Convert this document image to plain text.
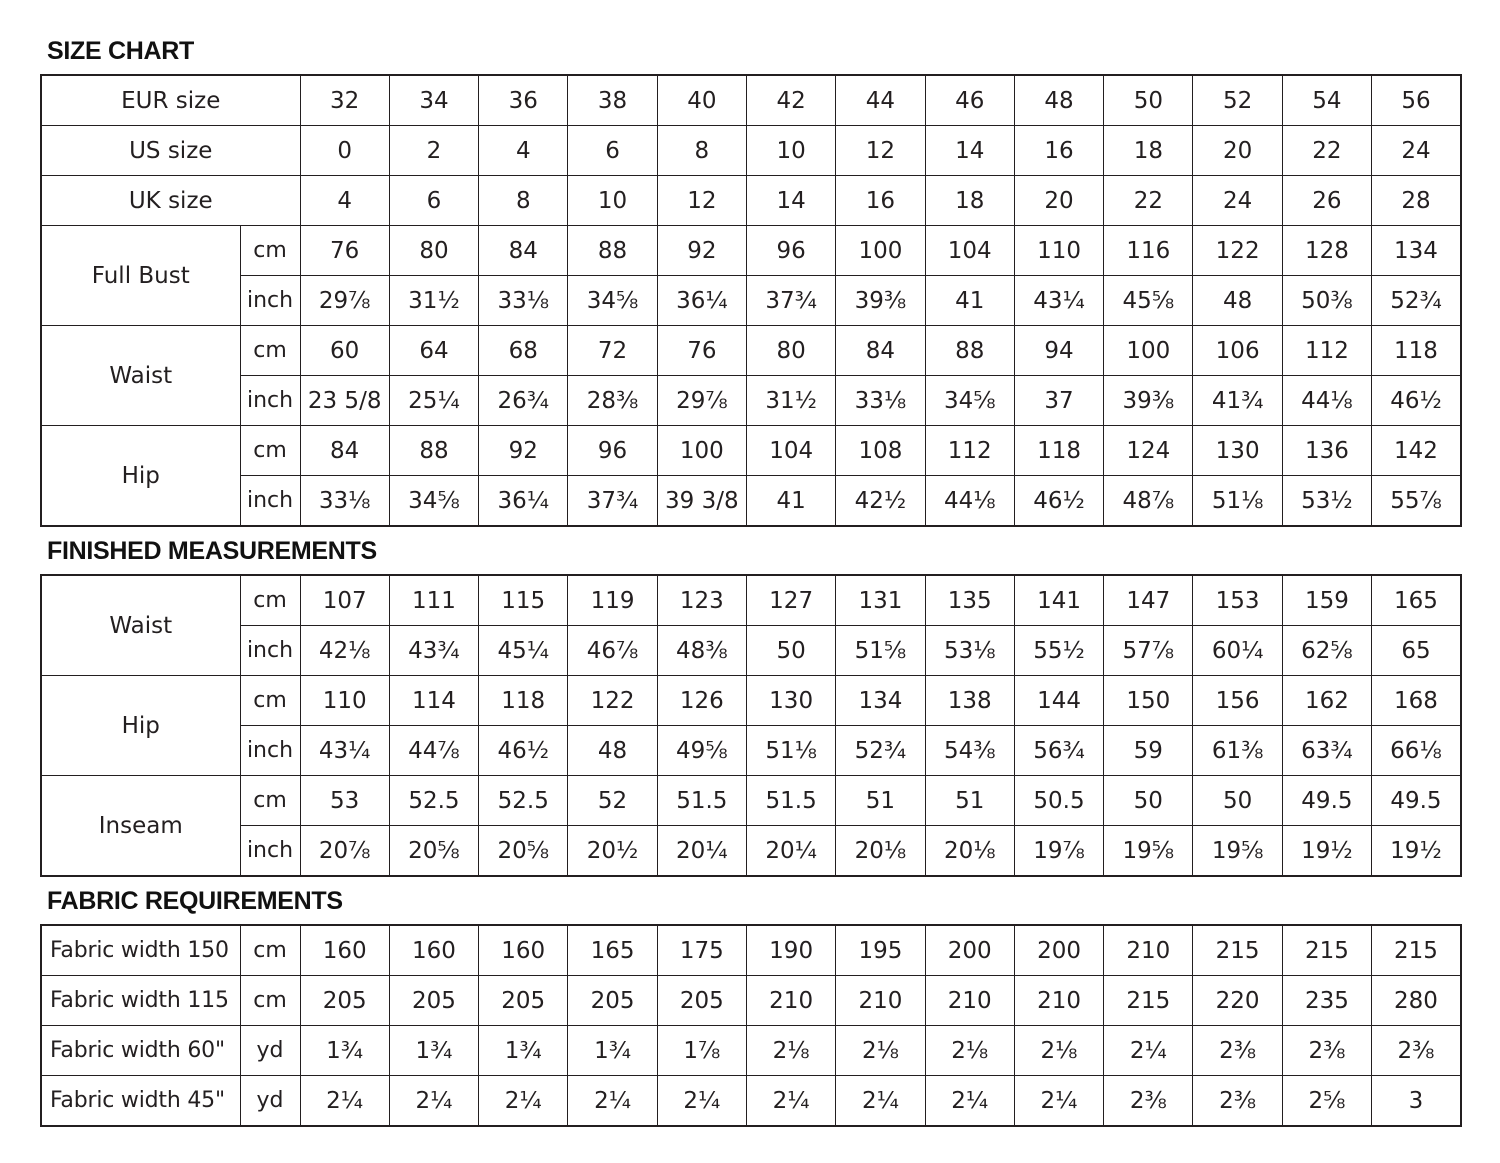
SIZE CHART
EUR size		32	34	36	38	40	42	44	46	48	50	52	54	56
US size		0	2	4	6	8	10	12	14	16	18	20	22	24
UK size		4	6	8	10	12	14	16	18	20	22	24	26	28
Full Bust	cm	76	80	84	88	92	96	100	104	110	116	122	128	134
	inch	29⅞	31½	33⅛	34⅝	36¼	37¾	39⅜	41	43¼	45⅝	48	50⅜	52¾
Waist	cm	60	64	68	72	76	80	84	88	94	100	106	112	118
	inch	23 5/8	25¼	26¾	28⅜	29⅞	31½	33⅛	34⅝	37	39⅜	41¾	44⅛	46½
Hip	cm	84	88	92	96	100	104	108	112	118	124	130	136	142
	inch	33⅛	34⅝	36¼	37¾	39 3/8	41	42½	44⅛	46½	48⅞	51⅛	53½	55⅞
FINISHED MEASUREMENTS
Waist	cm	107	111	115	119	123	127	131	135	141	147	153	159	165
	inch	42⅛	43¾	45¼	46⅞	48⅜	50	51⅝	53⅛	55½	57⅞	60¼	62⅝	65
Hip	cm	110	114	118	122	126	130	134	138	144	150	156	162	168
	inch	43¼	44⅞	46½	48	49⅝	51⅛	52¾	54⅜	56¾	59	61⅜	63¾	66⅛
Inseam	cm	53	52.5	52.5	52	51.5	51.5	51	51	50.5	50	50	49.5	49.5
	inch	20⅞	20⅝	20⅝	20½	20¼	20¼	20⅛	20⅛	19⅞	19⅝	19⅝	19½	19½
FABRIC REQUIREMENTS
Fabric width 150	cm	160	160	160	165	175	190	195	200	200	210	215	215	215
Fabric width 115	cm	205	205	205	205	205	210	210	210	210	215	220	235	280
Fabric width 60"	yd	1¾	1¾	1¾	1¾	1⅞	2⅛	2⅛	2⅛	2⅛	2¼	2⅜	2⅜	2⅜
Fabric width 45"	yd	2¼	2¼	2¼	2¼	2¼	2¼	2¼	2¼	2¼	2⅜	2⅜	2⅝	3
